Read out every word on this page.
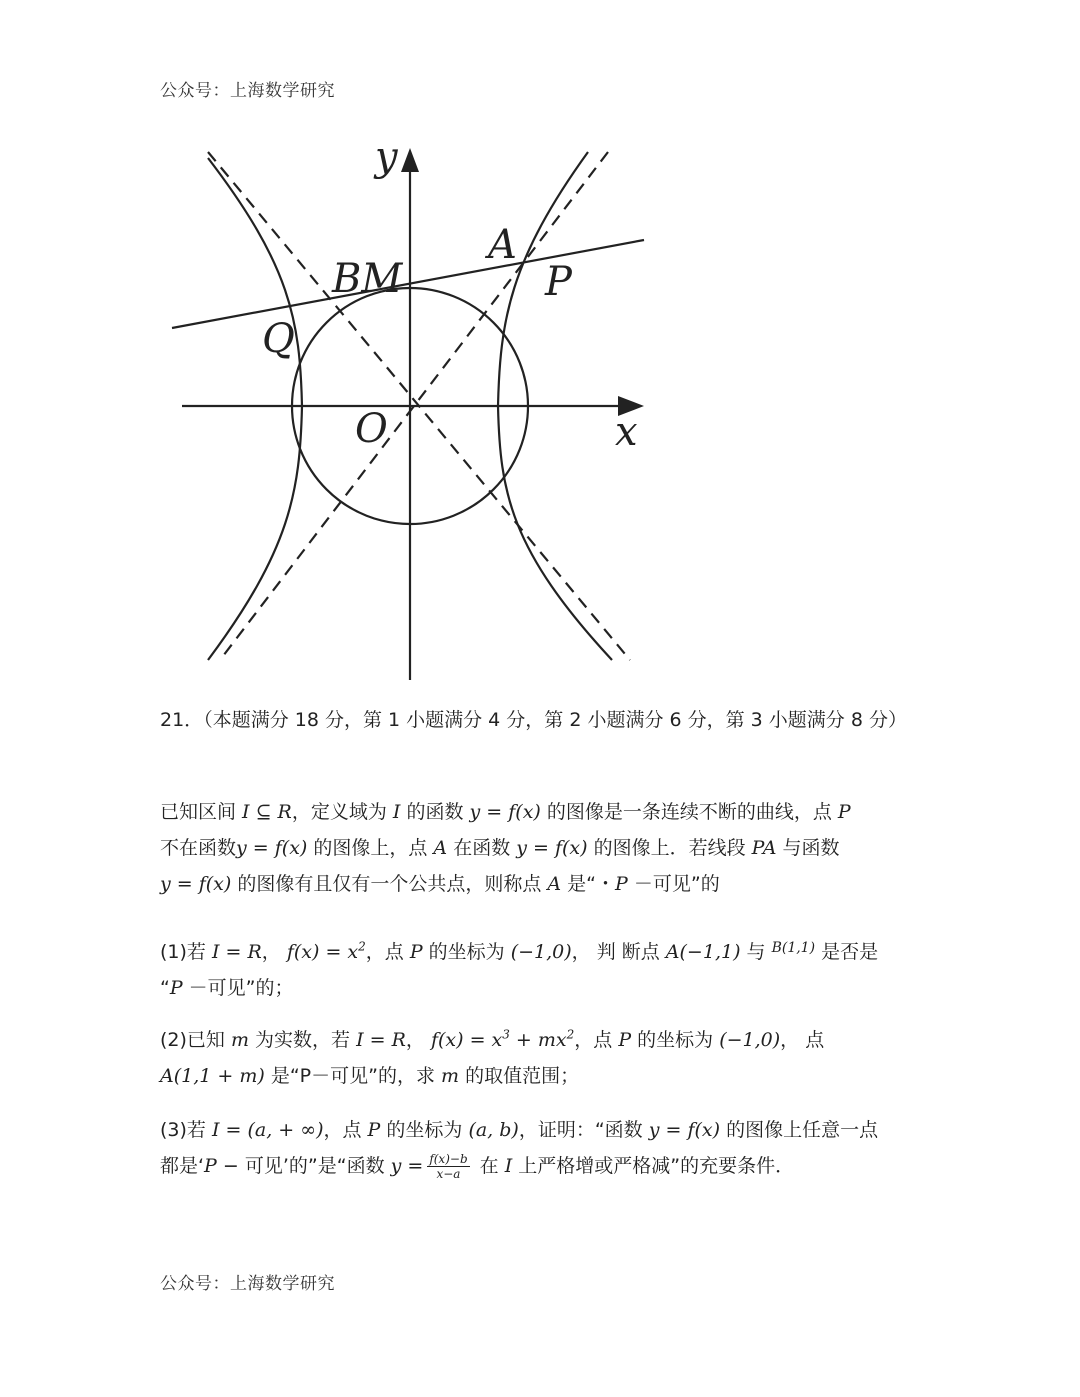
公众号：上海数学研究
y
x
O
A
P
BM
Q
21．（本题满分 18 分，第 1 小题满分 4 分，第 2 小题满分 6 分，第 3 小题满分 8 分）
已知区间 I ⊆ R，定义域为 I 的函数 y = f(x) 的图像是一条连续不断的曲线，点 P
不在函数y = f(x) 的图像上，点 A 在函数 y = f(x) 的图像上．若线段 PA 与函数
y = f(x) 的图像有且仅有一个公共点，则称点 A 是“・P －可见”的
(1)若 I = R， $f(x) = x^2$，点 P 的坐标为 (−1,0)， 判 断点 A(−1,1) 与 $^{B(1,1)}$ 是否是
“P －可见”的；
(2)已知 m 为实数，若 I = R， $f(x) = x^3 + mx^2$，点 P 的坐标为 (−1,0)， 点
A(1,1 + m) 是“P－可见”的，求 m 的取值范围；
(3)若 I = (a, + ∞)，点 P 的坐标为 (a, b)，证明：“函数 y = f(x) 的图像上任意一点
都是‘P − 可见’的”是“函数 $y = \frac{f(x)-b}{x-a}$ 在 I 上严格增或严格减”的充要条件．
公众号：上海数学研究
